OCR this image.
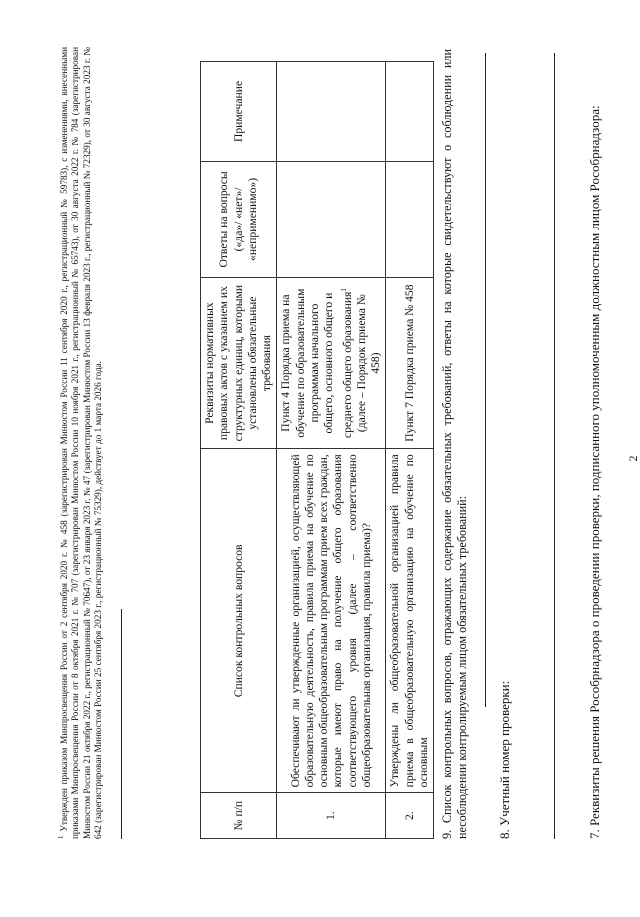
2
7. Реквизиты решения Рособрнадзора о проведении проверки, подписанного уполномоченным должностным лицом Рособрнадзора:
8. Учетный номер проверки:
9. Список контрольных вопросов, отражающих содержание обязательных требований, ответы на которые свидетельствуют о соблюдении или несоблюдении контролируемым лицом обязательных требований:
№ п/п	Список контрольных вопросов	Реквизиты нормативных правовых актов с указанием их структурных единиц, которыми установлены обязательные требования	Ответы на вопросы («да»/ «нет»/ «неприменимо»)	Примечание
1.	Обеспечивают ли утвержденные организацией, осуществляющей образовательную деятельность, правила приема на обучение по основным общеобразовательным программам прием всех граждан, которые имеют право на получение общего образования соответствующего уровня (далее – соответственно общеобразовательная организация, правила приема)?	Пункт 4 Порядка приема на обучение по образовательным программам начального общего, основного общего и среднего общего образования$^1$ (далее – Порядок приема № 458)		
2.	Утверждены ли общеобразовательной организацией правила приема в общеобразовательную организацию на обучение по основным	Пункт 7 Порядка приема № 458		
$^1$ Утвержден приказом Минпросвещения России от 2 сентября 2020 г. № 458 (зарегистрирован Минюстом России 11 сентября 2020 г., регистрационный № 59783), с изменениями, внесенными приказами Минпросвещения России от 8 октября 2021 г. № 707 (зарегистрирован Минюстом России 10 ноября 2021 г., регистрационный № 65743), от 30 августа 2022 г. № 784 (зарегистрирован Минюстом России 21 октября 2022 г., регистрационный № 70647), от 23 января 2023 г. № 47 (зарегистрирован Минюстом России 13 февраля 2023 г., регистрационный № 72329), от 30 августа 2023 г. № 642 (зарегистрирован Минюстом России 25 сентября 2023 г., регистрационный № 75329), действует до 1 марта 2026 года.
